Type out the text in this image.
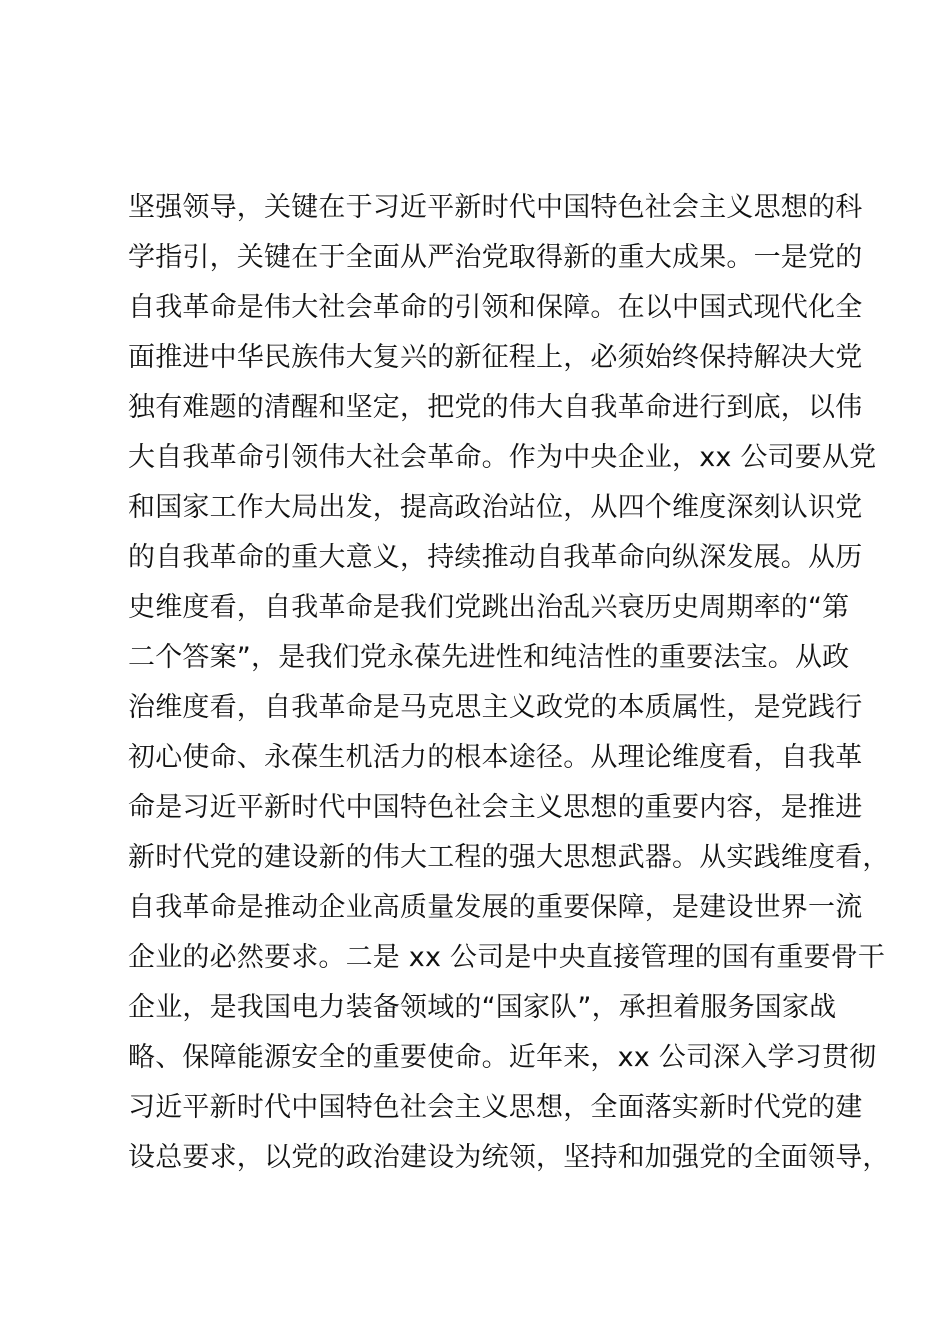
坚强领导，关键在于习近平新时代中国特色社会主义思想的科
学指引，关键在于全面从严治党取得新的重大成果。一是党的
自我革命是伟大社会革命的引领和保障。在以中国式现代化全
面推进中华民族伟大复兴的新征程上，必须始终保持解决大党
独有难题的清醒和坚定，把党的伟大自我革命进行到底，以伟
大自我革命引领伟大社会革命。作为中央企业，xx 公司要从党
和国家工作大局出发，提高政治站位，从四个维度深刻认识党
的自我革命的重大意义，持续推动自我革命向纵深发展。从历
史维度看，自我革命是我们党跳出治乱兴衰历史周期率的“第
二个答案”，是我们党永葆先进性和纯洁性的重要法宝。从政
治维度看，自我革命是马克思主义政党的本质属性，是党践行
初心使命、永葆生机活力的根本途径。从理论维度看，自我革
命是习近平新时代中国特色社会主义思想的重要内容，是推进
新时代党的建设新的伟大工程的强大思想武器。从实践维度看，
自我革命是推动企业高质量发展的重要保障，是建设世界一流
企业的必然要求。二是 xx 公司是中央直接管理的国有重要骨干
企业，是我国电力装备领域的“国家队”，承担着服务国家战
略、保障能源安全的重要使命。近年来，xx 公司深入学习贯彻
习近平新时代中国特色社会主义思想，全面落实新时代党的建
设总要求，以党的政治建设为统领，坚持和加强党的全面领导，
